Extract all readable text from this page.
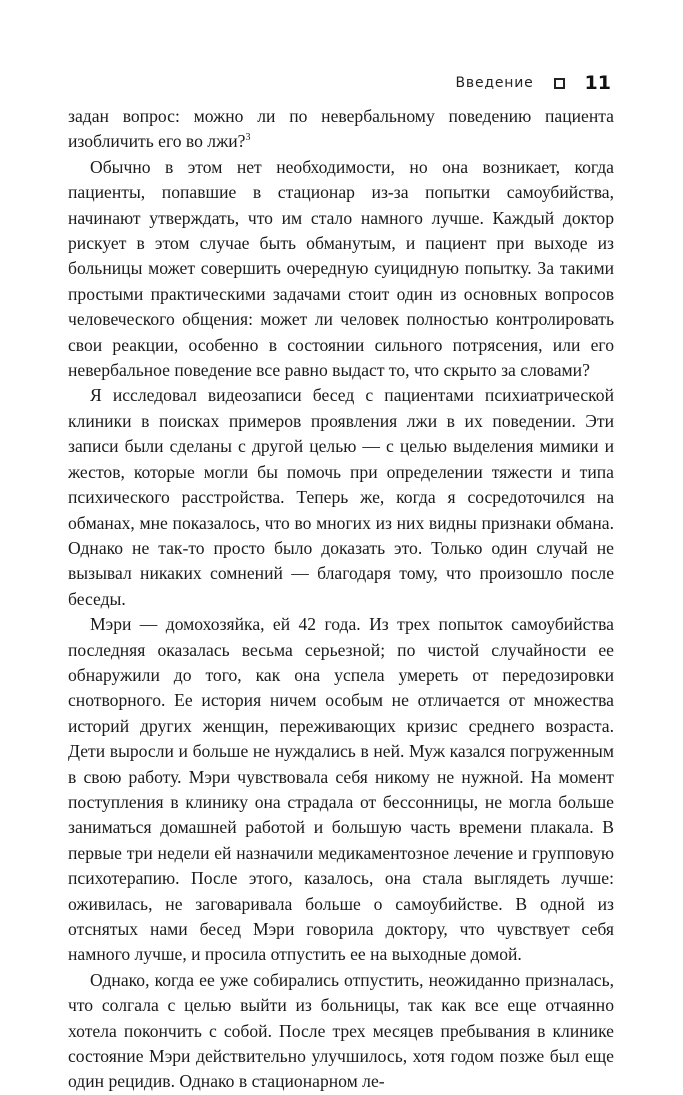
Введение	11

задан вопрос: можно ли по невербальному поведению пациента изобличить его во лжи?$^3$

Обычно в этом нет необходимости, но она возникает, когда пациенты, попавшие в стационар из-за попытки самоубийства, начинают утверждать, что им стало намного лучше. Каждый доктор рискует в этом случае быть обманутым, и пациент при выходе из больницы может совершить очередную суицидную попытку. За такими простыми практическими задачами стоит один из основных вопросов человеческого общения: может ли человек полностью контролировать свои реакции, особенно в состоянии сильного потрясения, или его невербальное поведение все равно выдаст то, что скрыто за словами?

Я исследовал видеозаписи бесед с пациентами психиатрической клиники в поисках примеров проявления лжи в их поведении. Эти записи были сделаны с другой целью — с целью выделения мимики и жестов, которые могли бы помочь при определении тяжести и типа психического расстройства. Теперь же, когда я сосредоточился на обманах, мне показалось, что во многих из них видны признаки обмана. Однако не так-то просто было доказать это. Только один случай не вызывал никаких сомнений — благодаря тому, что произошло после беседы.

Мэри — домохозяйка, ей 42 года. Из трех попыток самоубийства последняя оказалась весьма серьезной; по чистой случайности ее обнаружили до того, как она успела умереть от передозировки снотворного. Ее история ничем особым не отличается от множества историй других женщин, переживающих кризис среднего возраста. Дети выросли и больше не нуждались в ней. Муж казался погруженным в свою работу. Мэри чувствовала себя никому не нужной. На момент поступления в клинику она страдала от бессонницы, не могла больше заниматься домашней работой и большую часть времени плакала. В первые три недели ей назначили медикаментозное лечение и групповую психотерапию. После этого, казалось, она стала выглядеть лучше: оживилась, не заговаривала больше о самоубийстве. В одной из отснятых нами бесед Мэри говорила доктору, что чувствует себя намного лучше, и просила отпустить ее на выходные домой.

Однако, когда ее уже собирались отпустить, неожиданно призналась, что солгала с целью выйти из больницы, так как все еще отчаянно хотела покончить с собой. После трех месяцев пребывания в клинике состояние Мэри действительно улучшилось, хотя годом позже был еще один рецидив. Однако в стационарном ле-
